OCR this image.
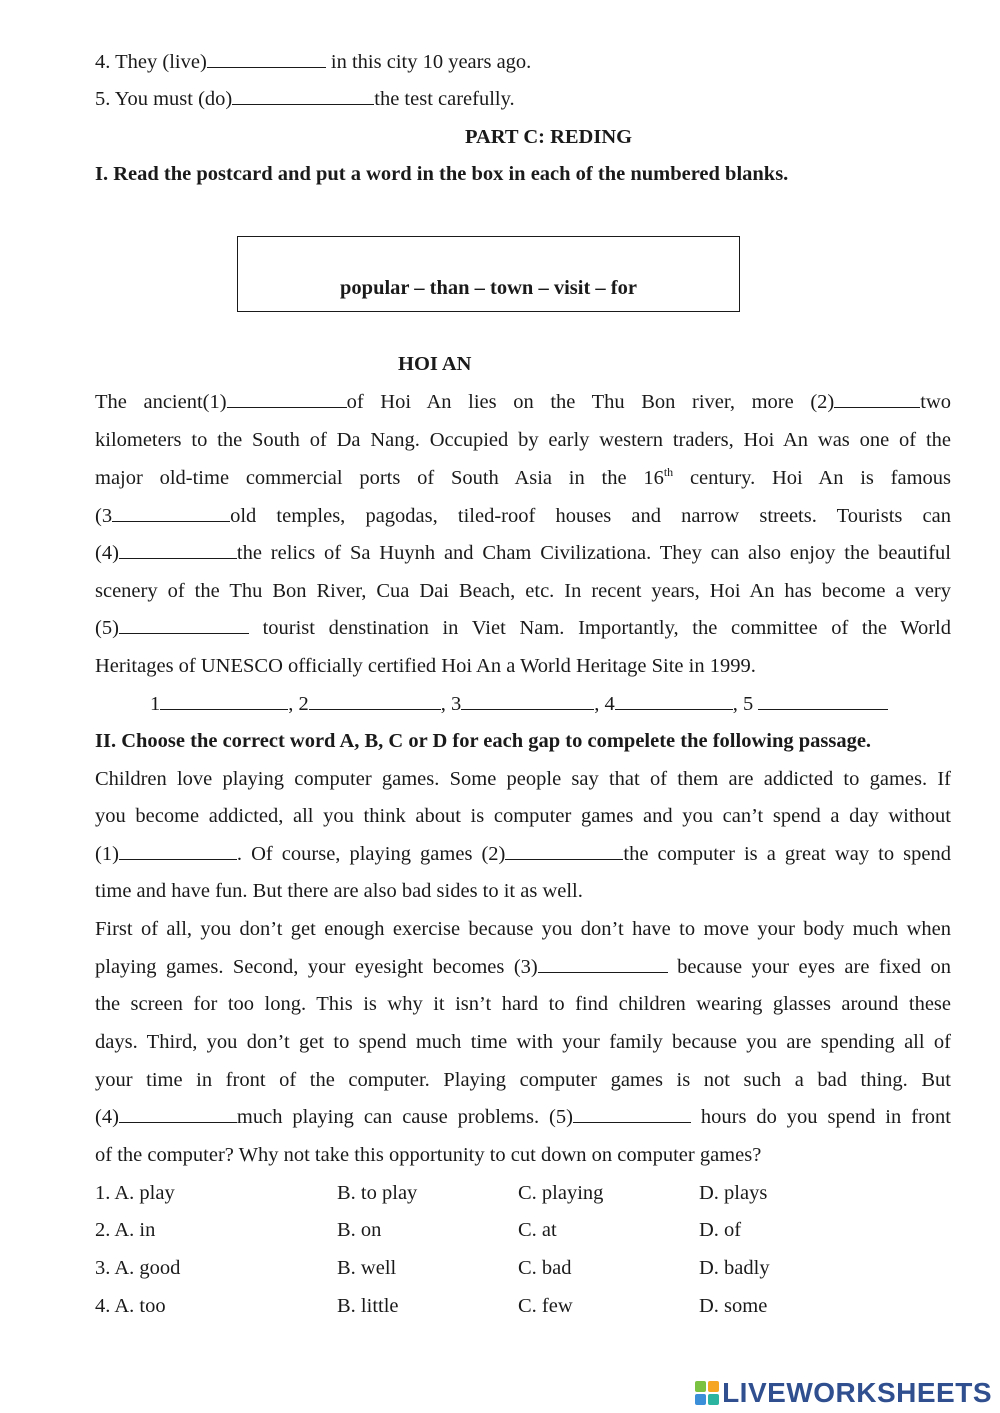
4. They (live)	in this city 10 years ago.
5. You must (do)	the test carefully.
PART C: REDING
I. Read the postcard and put a word in the box in each of the numbered blanks.
popular – than – town – visit – for
HOI AN
The ancient(1)	of Hoi An lies on the Thu Bon river, more (2)	two
kilometers to the South of Da Nang. Occupied by early western traders, Hoi An was one of the
major old-time commercial ports of South Asia in the 16th century. Hoi An is famous
(3	old temples, pagodas, tiled-roof houses and narrow streets. Tourists can
(4)	the relics of Sa Huynh and Cham Civilizationa. They can also enjoy the beautiful
scenery of the Thu Bon River, Cua Dai Beach, etc. In recent years, Hoi An has become a very
(5)	tourist denstination in Viet Nam. Importantly, the committee of the World
Heritages of UNESCO officially certified Hoi An a World Heritage Site in 1999.
1	, 2	, 3	, 4	, 5
II. Choose the correct word A, B, C or D for each gap to compelete the following passage.
Children love playing computer games. Some people say that of them are addicted to games. If
you become addicted, all you think about is computer games and you can’t spend a day without
(1)	. Of course, playing games (2)	the computer is a great way to spend
time and have fun. But there are also bad sides to it as well.
First of all, you don’t get enough exercise because you don’t have to move your body much when
playing games. Second, your eyesight becomes (3)	because your eyes are fixed on
the screen for too long. This is why it isn’t hard to find children wearing glasses around these
days. Third, you don’t get to spend much time with your family because you are spending all of
your time in front of the computer. Playing computer games is not such a bad thing. But
(4)	much playing can cause problems. (5)	hours do you spend in front
of the computer? Why not take this opportunity to cut down on computer games?
1. A. play	B. to play	C. playing	D. plays
2. A. in	B. on	C. at	D. of
3. A. good	B. well	C. bad	D. badly
4. A. too	B. little	C. few	D. some
LIVEWORKSHEETS
